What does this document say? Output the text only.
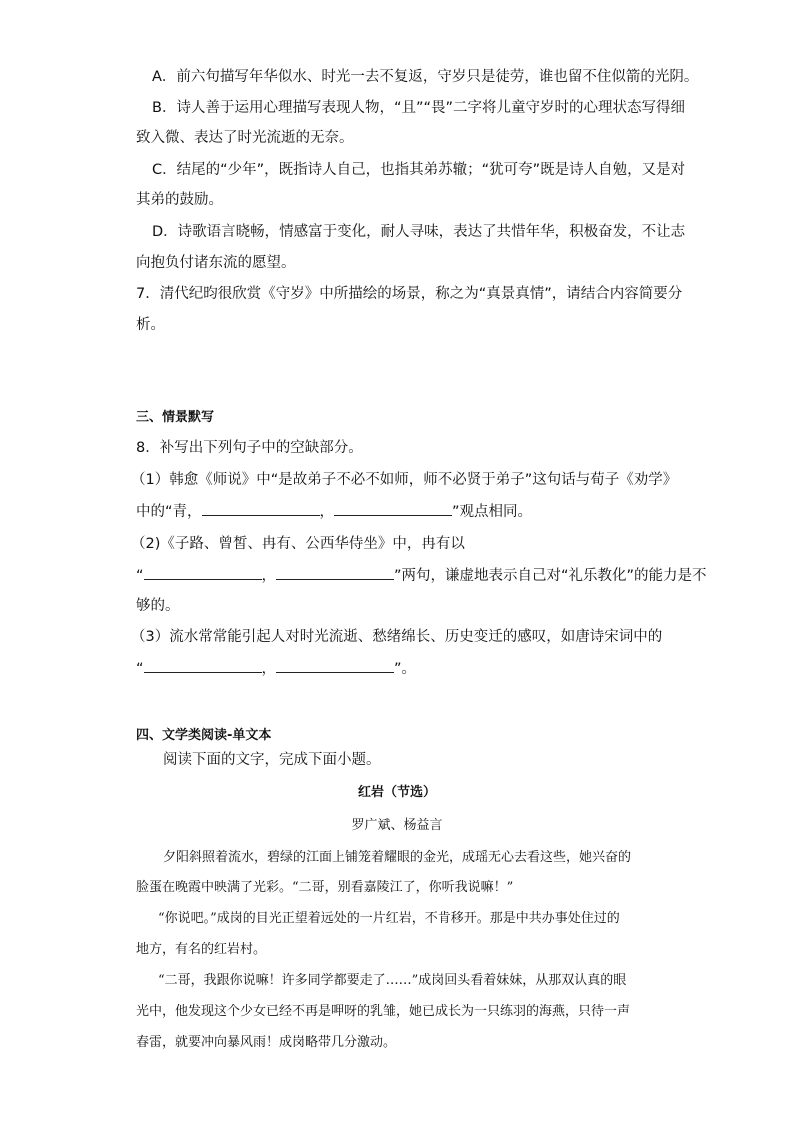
A．前六句描写年华似水、时光一去不复返，守岁只是徒劳，谁也留不住似箭的光阴。
B．诗人善于运用心理描写表现人物，“且”“畏”二字将儿童守岁时的心理状态写得细
致入微、表达了时光流逝的无奈。
C．结尾的“少年”，既指诗人自己，也指其弟苏辙；“犹可夸”既是诗人自勉，又是对
其弟的鼓励。
D．诗歌语言晓畅，情感富于变化，耐人寻味，表达了共惜年华，积极奋发，不让志
向抱负付诸东流的愿望。
7．清代纪昀很欣赏《守岁》中所描绘的场景，称之为“真景真情”，请结合内容简要分
析。
三、情景默写
8．补写出下列句子中的空缺部分。
（1）韩愈《师说》中“是故弟子不必不如师，师不必贤于弟子”这句话与荀子《劝学》
中的“青，	，	”观点相同。
（2)《子路、曾皙、冉有、公西华侍坐》中，冉有以
“	，	”两句，谦虚地表示自己对“礼乐教化”的能力是不
够的。
（3）流水常常能引起人对时光流逝、愁绪绵长、历史变迁的感叹，如唐诗宋词中的
“	，	”。
四、文学类阅读-单文本
阅读下面的文字，完成下面小题。
红岩（节选）
罗广斌、杨益言
夕阳斜照着流水，碧绿的江面上铺笼着耀眼的金光，成瑶无心去看这些，她兴奋的
脸蛋在晚霞中映满了光彩。“二哥，别看嘉陵江了，你听我说嘛！”
“你说吧。”成岗的目光正望着远处的一片红岩，不肯移开。那是中共办事处住过的
地方，有名的红岩村。
“二哥，我跟你说嘛！许多同学都要走了……”成岗回头看着妹妹，从那双认真的眼
光中，他发现这个少女已经不再是呷呀的乳雏，她已成长为一只练羽的海燕，只待一声
春雷，就要冲向暴风雨！成岗略带几分激动。
